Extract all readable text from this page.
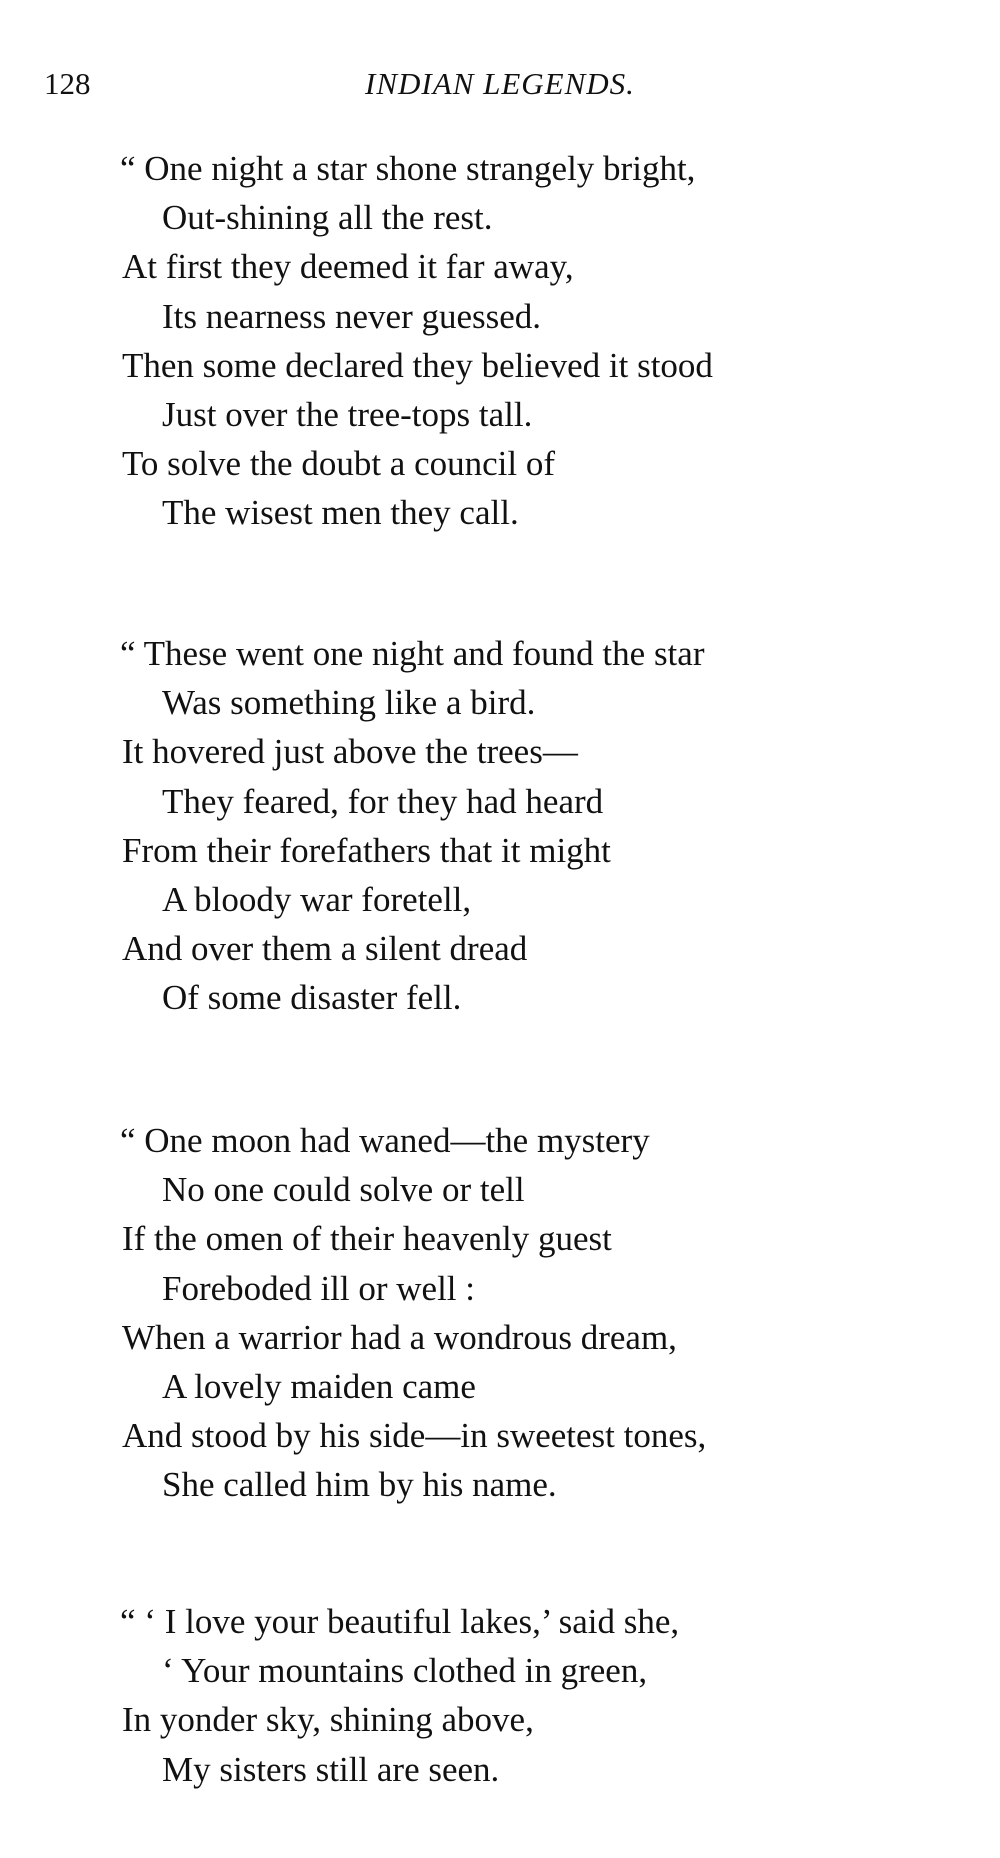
128	INDIAN LEGENDS.
“ One night a star shone strangely bright,
Out-shining all the rest.
At first they deemed it far away,
Its nearness never guessed.
Then some declared they believed it stood
Just over the tree-tops tall.
To solve the doubt a council of
The wisest men they call.
“ These went one night and found the star
Was something like a bird.
It hovered just above the trees—
They feared, for they had heard
From their forefathers that it might
A bloody war foretell,
And over them a silent dread
Of some disaster fell.
“ One moon had waned—the mystery
No one could solve or tell
If the omen of their heavenly guest
Foreboded ill or well :
When a warrior had a wondrous dream,
A lovely maiden came
And stood by his side—in sweetest tones,
She called him by his name.
“ ‘ I love your beautiful lakes,’ said she,
‘ Your mountains clothed in green,
In yonder sky, shining above,
My sisters still are seen.
